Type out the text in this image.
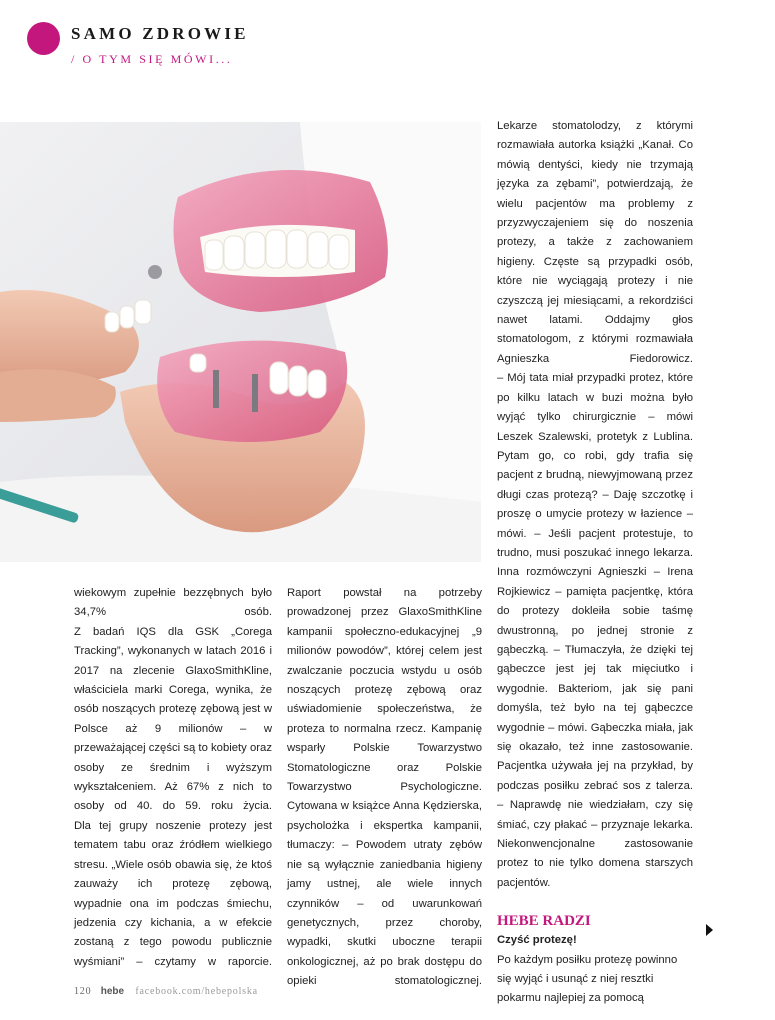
SAMO ZDROWIE
/ O TYM SIĘ MÓWI...

wiekowym zupełnie bezzębnych było 34,7% osób.

Z badań IQS dla GSK „Corega Tracking”, wykonanych w latach 2016 i 2017 na zlecenie GlaxoSmithKline, właściciela marki Corega, wynika, że osób noszących protezę zębową jest w Polsce aż 9 milionów – w przeważającej części są to kobiety oraz osoby ze średnim i wyższym wykształceniem. Aż 67% z nich to osoby od 40. do 59. roku życia.

Dla tej grupy noszenie protezy jest tematem tabu oraz źródłem wielkiego stresu. „Wiele osób obawia się, że ktoś zauważy ich protezę zębową, wypadnie ona im podczas śmiechu, jedzenia czy kichania, a w efekcie zostaną z tego powodu publicznie wyśmiani” – czytamy w raporcie.

Raport powstał na potrzeby prowadzonej przez GlaxoSmithKline kampanii społeczno-edukacyjnej „9 milionów powodów”, której celem jest zwalczanie poczucia wstydu u osób noszących protezę zębową oraz uświadomienie społeczeństwa, że proteza to normalna rzecz. Kampanię wsparły Polskie Towarzystwo Stomatologiczne oraz Polskie Towarzystwo Psychologiczne.

Cytowana w książce Anna Kędzierska, psycholożka i ekspertka kampanii, tłumaczy: – Powodem utraty zębów nie są wyłącznie zaniedbania higieny jamy ustnej, ale wiele innych czynników – od uwarunkowań genetycznych, przez choroby, wypadki, skutki uboczne terapii onkologicznej, aż po brak dostępu do opieki stomatologicznej.

Lekarze stomatolodzy, z którymi rozmawiała autorka książki „Kanał. Co mówią dentyści, kiedy nie trzymają języka za zębami”, potwierdzają, że wielu pacjentów ma problemy z przyzwyczajeniem się do noszenia protezy, a także z zachowaniem higieny. Częste są przypadki osób, które nie wyciągają protezy i nie czyszczą jej miesiącami, a rekordziści nawet latami. Oddajmy głos stomatologom, z którymi rozmawiała Agnieszka Fiedorowicz.

– Mój tata miał przypadki protez, które po kilku latach w buzi można było wyjąć tylko chirurgicznie – mówi Leszek Szalewski, protetyk z Lublina. Pytam go, co robi, gdy trafia się pacjent z brudną, niewyjmowaną przez długi czas protezą? – Daję szczotkę i proszę o umycie protezy w łazience – mówi. – Jeśli pacjent protestuje, to trudno, musi poszukać innego lekarza.

Inna rozmówczyni Agnieszki – Irena Rojkiewicz – pamięta pacjentkę, która do protezy dokleiła sobie taśmę dwustronną, po jednej stronie z gąbeczką. – Tłumaczyła, że dzięki tej gąbeczce jest jej tak mięciutko i wygodnie. Bakteriom, jak się pani domyśla, też było na tej gąbeczce wygodnie – mówi. Gąbeczka miała, jak się okazało, też inne zastosowanie. Pacjentka używała jej na przykład, by podczas posiłku zebrać sos z talerza. – Naprawdę nie wiedziałam, czy się śmiać, czy płakać – przyznaje lekarka. Niekonwencjonalne zastosowanie protez to nie tylko domena starszych pacjentów.

HEBE RADZI

Czyść protezę!

Po każdym posiłku protezę powinno się wyjąć i usunąć z niej resztki pokarmu najlepiej za pomocą

120 hebe facebook.com/hebepolska
